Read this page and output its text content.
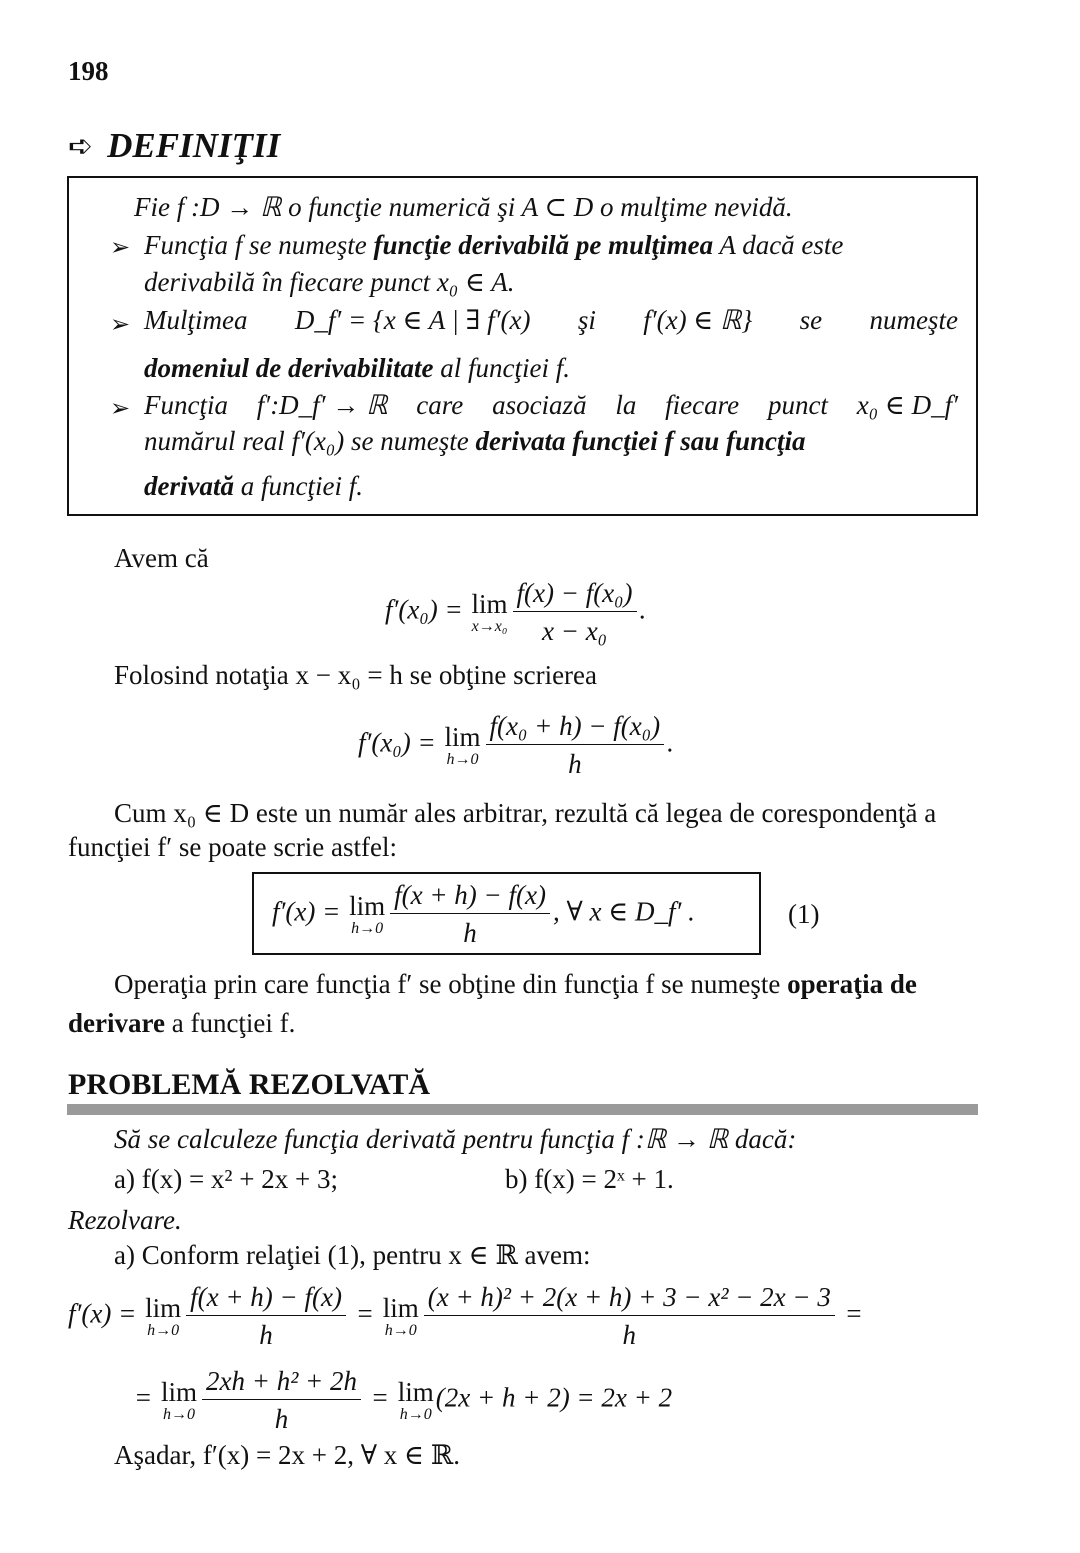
198
➪ DEFINIŢII
Fie f :D → ℝ o funcţie numerică şi A ⊂ D o mulţime nevidă.
➢ Funcţia f se numeşte funcţie derivabilă pe mulţimea A dacă este
derivabilă în fiecare punct x₀ ∈ A.
➢ Mulţimea D_f′ = {x ∈ A | ∃ f′(x) şi f′(x) ∈ ℝ} se numeşte
domeniul de derivabilitate al funcţiei f.
➢ Funcţia f′:D_f′ → ℝ care asociază la fiecare punct x₀ ∈ D_f′
numărul real f′(x₀) se numeşte derivata funcţiei f sau funcţia
derivată a funcţiei f.
Avem că
f′(x₀) = lim
$x\to x_0 \frac{\text{f(x) − f(x₀)}}{\text{x − x₀}}$ .
Folosind notaţia x − x₀ = h se obţine scrierea
f′(x₀) = lim
$h\to 0 \frac{\text{f(x₀ + h) − f(x₀)}}{h}$ .
Cum x₀ ∈ D este un număr ales arbitrar, rezultă că legea de corespondenţă a
funcţiei f′ se poate scrie astfel:
f′(x) = lim
$h\to 0 \frac{f(x + h) - f(x)}{h}$ , ∀ x ∈ D_f′ .	(1)
Operaţia prin care funcţia f′ se obţine din funcţia f se numeşte operaţia de
derivare a funcţiei f.
PROBLEMĂ REZOLVATĂ
Să se calculeze funcţia derivată pentru funcţia f :ℝ → ℝ dacă:
a) f(x) = x² + 2x + 3;	b) f(x) = 2ˣ + 1.
Rezolvare.
a) Conform relaţiei (1), pentru x ∈ ℝ avem:
f′(x) = lim
$h\to 0 \frac{f(x + h) - f(x)}{h} = \lim$
$h\to 0 \frac{\text{(x + h)² + 2(x + h) + 3 − x² − 2x − 3}}{h}$ =
= lim
$h\to 0 \frac{\text{2xh + h² + 2h}}{h} = \lim$
h→0
(2x + h + 2) = 2x + 2
Aşadar, f′(x) = 2x + 2, ∀ x ∈ ℝ.
